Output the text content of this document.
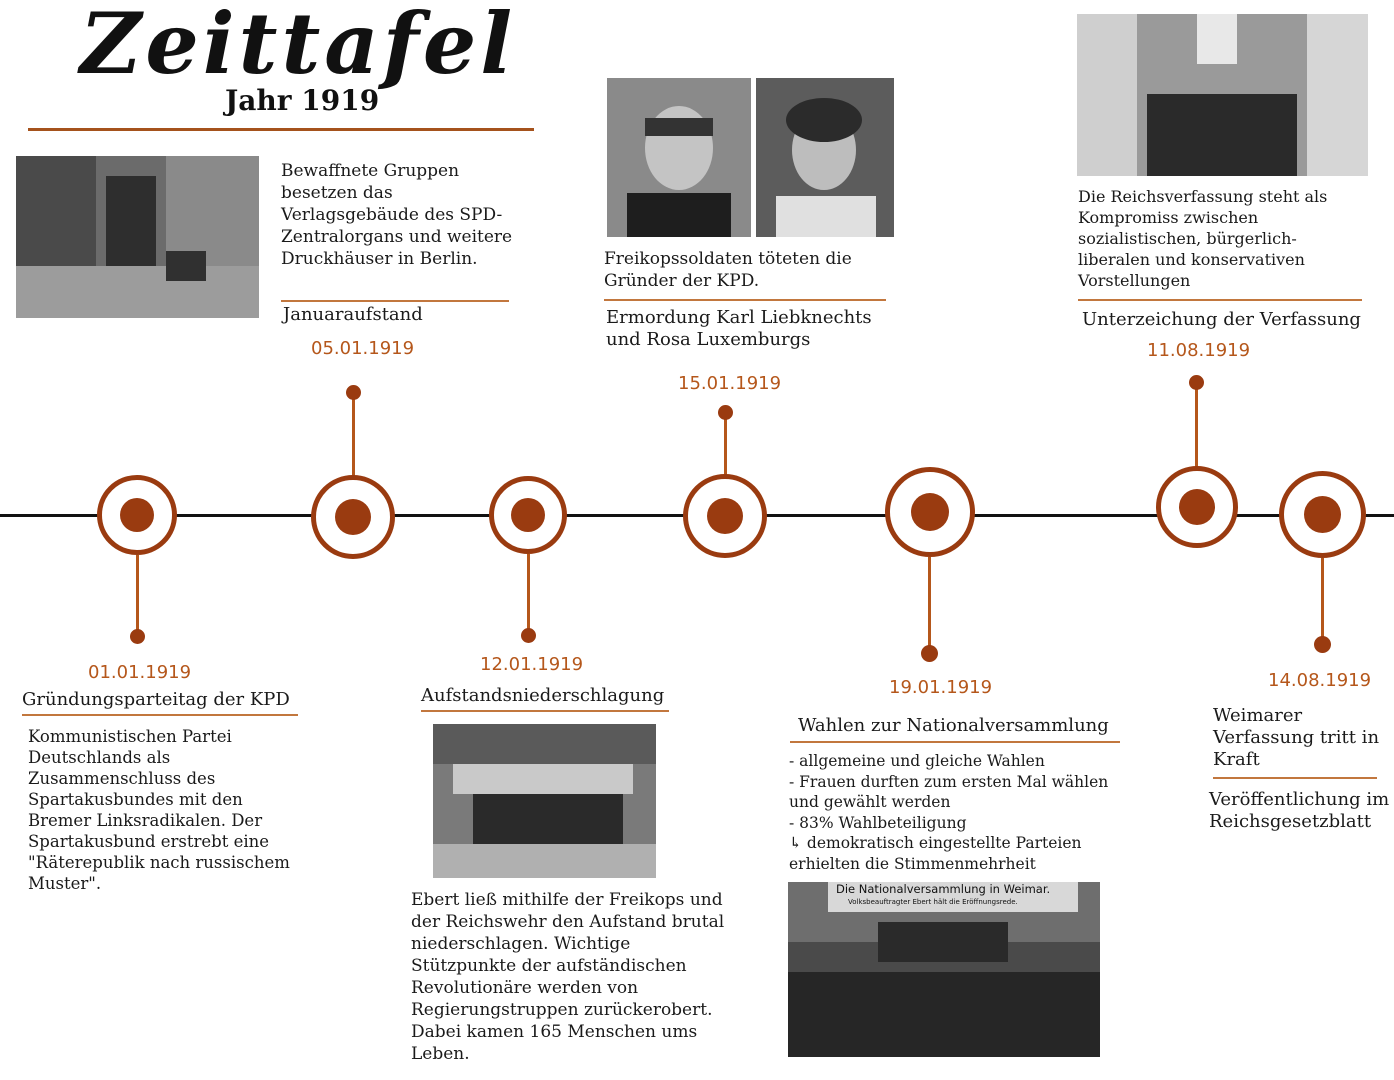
Zeittafel
Jahr 1919
01.01.1919
Gründungsparteitag der KPD
Kommunistischen Partei Deutschlands als Zusammenschluss des Spartakusbundes mit den Bremer Linksradikalen. Der Spartakusbund erstrebt eine "Räterepublik nach russischem Muster".
Bewaffnete Gruppen besetzen das Verlagsgebäude des SPD-Zentralorgans und weitere Druckhäuser in Berlin.
Januaraufstand
05.01.1919
12.01.1919
Aufstandsniederschlagung
Ebert ließ mithilfe der Freikops und der Reichswehr den Aufstand brutal niederschlagen. Wichtige Stützpunkte der aufständischen Revolutionäre werden von Regierungstruppen zurückerobert. Dabei kamen 165 Menschen ums Leben.
Freikopssoldaten töteten die Gründer der KPD.
Ermordung Karl Liebknechts und Rosa Luxemburgs
15.01.1919
19.01.1919
Wahlen zur Nationalversammlung
- allgemeine und gleiche Wahlen
- Frauen durften zum ersten Mal wählen und gewählt werden
- 83% Wahlbeteiligung
↳ demokratisch eingestellte Parteien erhielten die Stimmenmehrheit
Die Nationalversammlung in Weimar.
Volksbeauftragter Ebert hält die Eröffnungsrede.
Die Reichsverfassung steht als Kompromiss zwischen sozialistischen, bürgerlich-liberalen und konservativen Vorstellungen
Unterzeichung der Verfassung
11.08.1919
14.08.1919
Weimarer Verfassung tritt in Kraft
Veröffentlichung im Reichsgesetzblatt
